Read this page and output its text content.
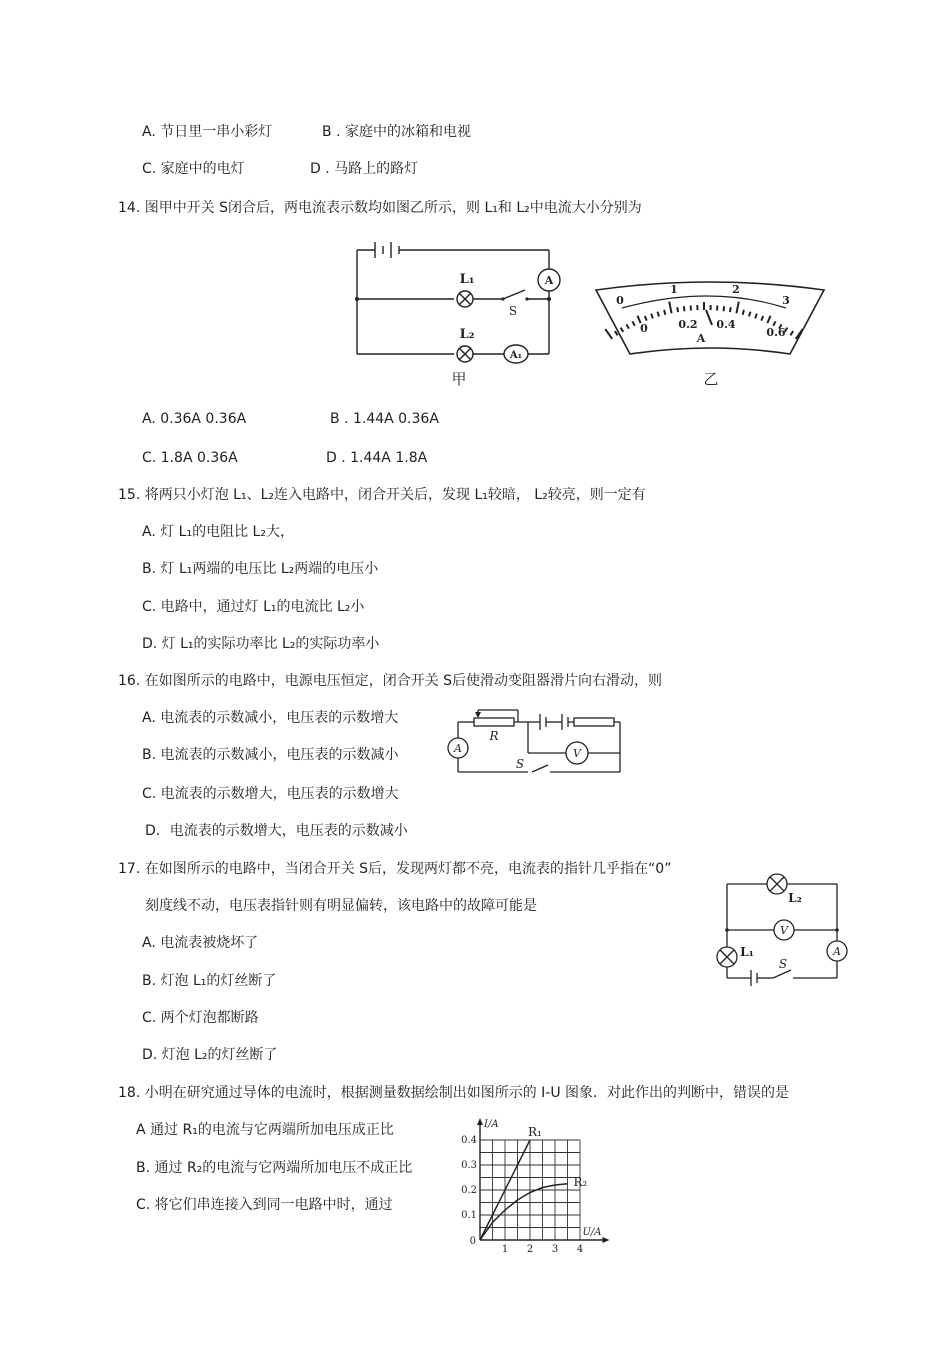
A. 节日里一串小彩灯	B . 家庭中的冰箱和电视
C. 家庭中的电灯	D . 马路上的路灯
14. 图甲中开关 S闭合后，两电流表示数均如图乙所示，则 L₁和 L₂中电流大小分别为
L₁
L₂
S
A
A₁
甲
0
1	2
3
0	0.2 0.4
0.6
A
乙
A. 0.36A 0.36A	B . 1.44A 0.36A
C. 1.8A 0.36A	D . 1.44A 1.8A
15. 将两只小灯泡 L₁、L₂连入电路中，闭合开关后，发现 L₁较暗， L₂较亮，则一定有
A. 灯 L₁的电阻比 L₂大，
B. 灯 L₁两端的电压比 L₂两端的电压小
C. 电路中，通过灯 L₁的电流比 L₂小
D. 灯 L₁的实际功率比 L₂的实际功率小
16. 在如图所示的电路中，电源电压恒定，闭合开关 S后使滑动变阻器滑片向右滑动，则
A. 电流表的示数减小，电压表的示数增大
B. 电流表的示数减小，电压表的示数减小
C. 电流表的示数增大，电压表的示数增大
D．电流表的示数增大，电压表的示数减小
R
A	V
S
17. 在如图所示的电路中，当闭合开关 S后，发现两灯都不亮，电流表的指针几乎指在“0”
刻度线不动，电压表指针则有明显偏转，该电路中的故障可能是
A. 电流表被烧坏了
B. 灯泡 L₁的灯丝断了
C. 两个灯泡都断路
D. 灯泡 L₂的灯丝断了
L₂
L₁
V
A
S
18. 小明在研究通过导体的电流时，根据测量数据绘制出如图所示的 I-U 图象．对此作出的判断中，错误的是
A 通过 R₁的电流与它两端所加电压成正比
B. 通过 R₂的电流与它两端所加电压不成正比
C. 将它们串连接入到同一电路中时，通过
R₁
R₂
1 2 3 4
0.1
0.2
0.3
0.4
0
I/A
U/A
